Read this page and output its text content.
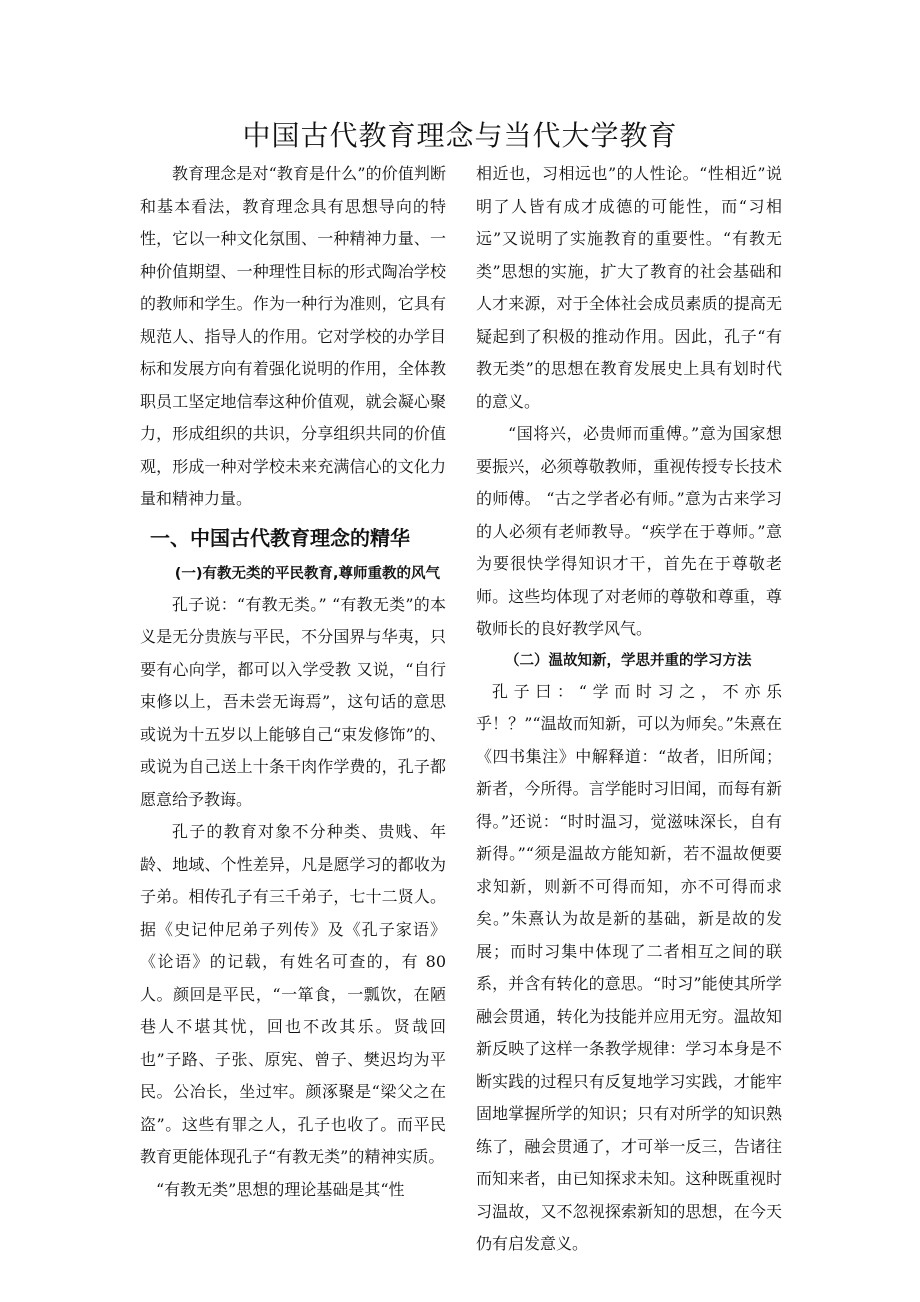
中国古代教育理念与当代大学教育

教育理念是对“教育是什么”的价值判断和基本看法，教育理念具有思想导向的特性，它以一种文化氛围、一种精神力量、一种价值期望、一种理性目标的形式陶冶学校的教师和学生。作为一种行为准则，它具有规范人、指导人的作用。它对学校的办学目标和发展方向有着强化说明的作用，全体教职员工坚定地信奉这种价值观，就会凝心聚力，形成组织的共识，分享组织共同的价值观，形成一种对学校未来充满信心的文化力量和精神力量。

一、中国古代教育理念的精华
(一)有教无类的平民教育,尊师重教的风气

孔子说：“有教无类。” “有教无类”的本义是无分贵族与平民，不分国界与华夷，只要有心向学，都可以入学受教 又说，“自行束修以上，吾未尝无诲焉”，这句话的意思或说为十五岁以上能够自己“束发修饰”的、或说为自己送上十条干肉作学费的，孔子都愿意给予教诲。

孔子的教育对象不分种类、贵贱、年龄、地域、个性差异，凡是愿学习的都收为子弟。相传孔子有三千弟子，七十二贤人。据《史记仲尼弟子列传》及《孔子家语》《论语》的记载，有姓名可查的，有 80 人。颜回是平民，“一箪食，一瓢饮，在陋巷人不堪其忧，回也不改其乐。贤哉回也”子路、子张、原宪、曾子、樊迟均为平民。公冶长，坐过牢。颜涿聚是“梁父之在盗”。这些有罪之人，孔子也收了。而平民教育更能体现孔子“有教无类”的精神实质。

“有教无类”思想的理论基础是其“性

相近也，习相远也”的人性论。“性相近”说明了人皆有成才成德的可能性，而“习相远”又说明了实施教育的重要性。“有教无类”思想的实施，扩大了教育的社会基础和人才来源，对于全体社会成员素质的提高无疑起到了积极的推动作用。因此，孔子“有教无类”的思想在教育发展史上具有划时代的意义。

“国将兴，必贵师而重傅。”意为国家想要振兴，必须尊敬教师，重视传授专长技术的师傅。 “古之学者必有师。”意为古来学习的人必须有老师教导。“疾学在于尊师。”意为要很快学得知识才干，首先在于尊敬老师。这些均体现了对老师的尊敬和尊重，尊敬师长的良好教学风气。

（二）温故知新，学思并重的学习方法

孔子曰：“学而时习之，不亦乐乎！？”“温故而知新，可以为师矣。”朱熹在《四书集注》中解释道：“故者，旧所闻；新者，今所得。言学能时习旧闻，而每有新得。”还说：“时时温习，觉滋味深长，自有新得。”“须是温故方能知新，若不温故便要求知新，则新不可得而知，亦不可得而求矣。”朱熹认为故是新的基础，新是故的发展；而时习集中体现了二者相互之间的联系，并含有转化的意思。“时习”能使其所学融会贯通，转化为技能并应用无穷。温故知新反映了这样一条教学规律：学习本身是不断实践的过程只有反复地学习实践，才能牢固地掌握所学的知识；只有对所学的知识熟练了，融会贯通了，才可举一反三，告诸往而知来者，由已知探求未知。这种既重视时习温故，又不忽视探索新知的思想，在今天仍有启发意义。
